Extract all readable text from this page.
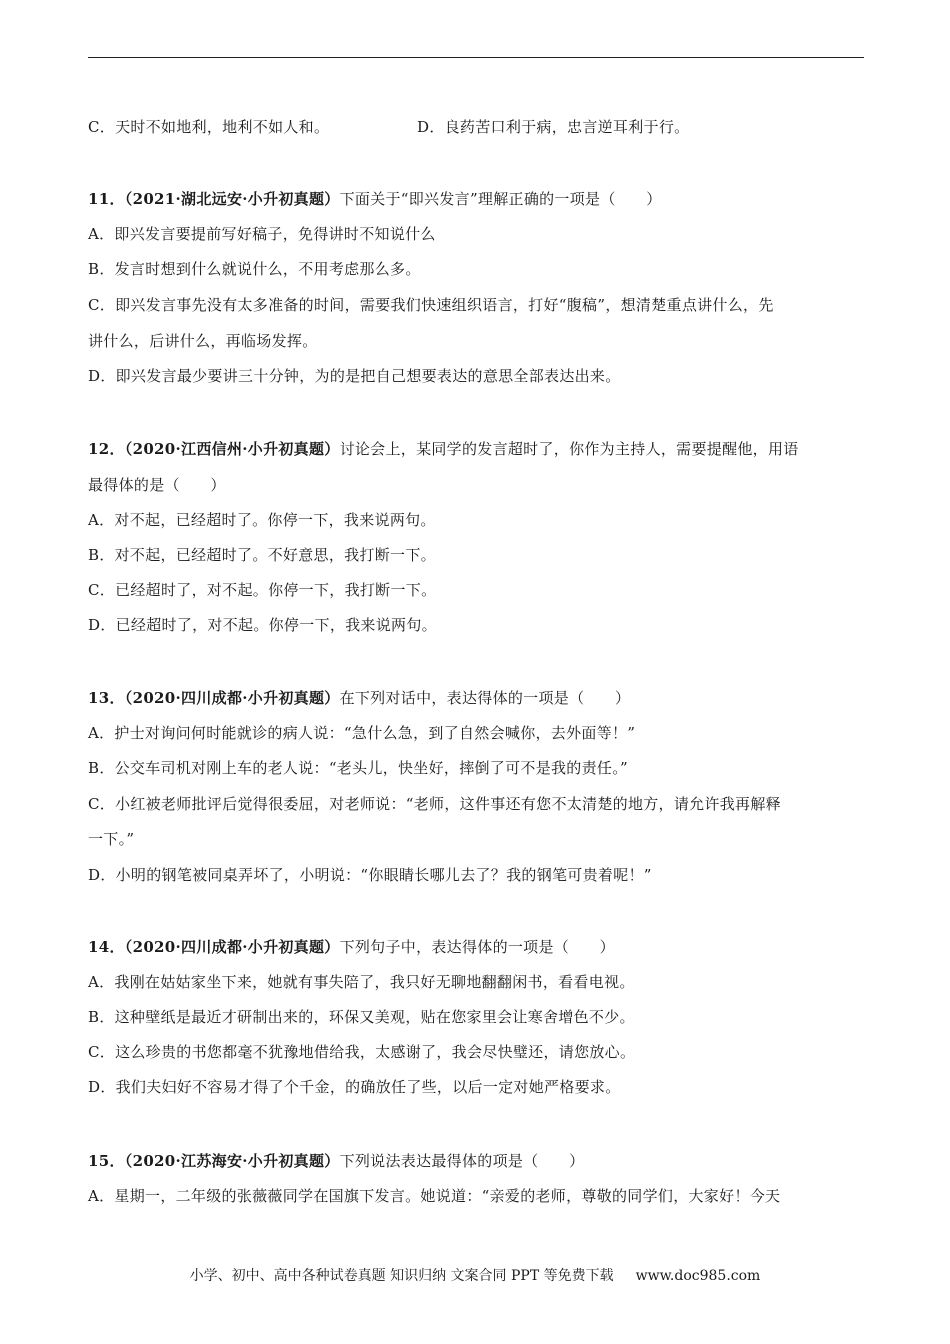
C．天时不如地利，地利不如人和。	D．良药苦口利于病，忠言逆耳利于行。
11．（2021·湖北远安·小升初真题）下面关于“即兴发言”理解正确的一项是（　　）
A．即兴发言要提前写好稿子，免得讲时不知说什么
B．发言时想到什么就说什么，不用考虑那么多。
C．即兴发言事先没有太多准备的时间，需要我们快速组织语言，打好“腹稿”，想清楚重点讲什么，先
讲什么，后讲什么，再临场发挥。
D．即兴发言最少要讲三十分钟，为的是把自己想要表达的意思全部表达出来。
12．（2020·江西信州·小升初真题）讨论会上，某同学的发言超时了，你作为主持人，需要提醒他，用语
最得体的是（　　）
A．对不起，已经超时了。你停一下，我来说两句。
B．对不起，已经超时了。不好意思，我打断一下。
C．已经超时了，对不起。你停一下，我打断一下。
D．已经超时了，对不起。你停一下，我来说两句。
13．（2020·四川成都·小升初真题）在下列对话中，表达得体的一项是（　　）
A．护士对询问何时能就诊的病人说：“急什么急，到了自然会喊你，去外面等！”
B．公交车司机对刚上车的老人说：“老头儿，快坐好，摔倒了可不是我的责任。”
C．小红被老师批评后觉得很委屈，对老师说：“老师，这件事还有您不太清楚的地方，请允许我再解释
一下。”
D．小明的钢笔被同桌弄坏了，小明说：“你眼睛长哪儿去了？我的钢笔可贵着呢！”
14．（2020·四川成都·小升初真题）下列句子中，表达得体的一项是（　　）
A．我刚在姑姑家坐下来，她就有事失陪了，我只好无聊地翻翻闲书，看看电视。
B．这种壁纸是最近才研制出来的，环保又美观，贴在您家里会让寒舍增色不少。
C．这么珍贵的书您都毫不犹豫地借给我，太感谢了，我会尽快璧还，请您放心。
D．我们夫妇好不容易才得了个千金，的确放任了些，以后一定对她严格要求。
15．（2020·江苏海安·小升初真题）下列说法表达最得体的项是（　　）
A．星期一，二年级的张薇薇同学在国旗下发言。她说道：“亲爱的老师，尊敬的同学们，大家好！今天
小学、初中、高中各种试卷真题 知识归纳 文案合同 PPT 等免费下载 www.doc985.com
